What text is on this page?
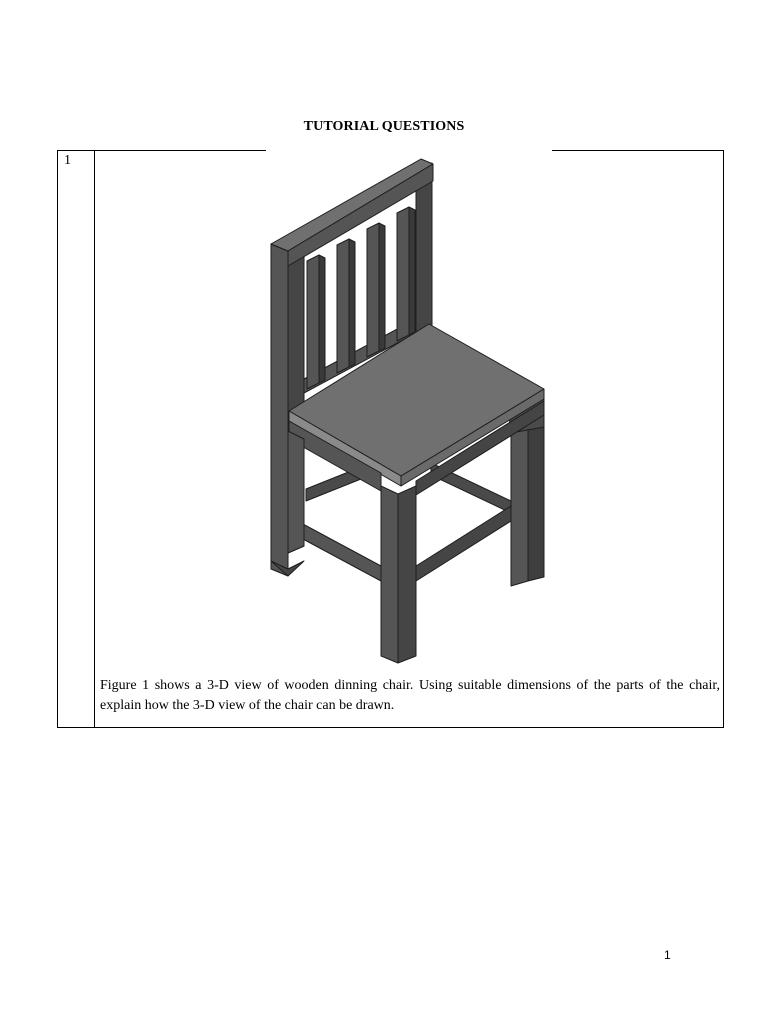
TUTORIAL QUESTIONS
1
Figure 1 shows a 3-D view of wooden dinning chair. Using suitable dimensions of the parts of the chair, explain how the 3-D view of the chair can be drawn.
1
